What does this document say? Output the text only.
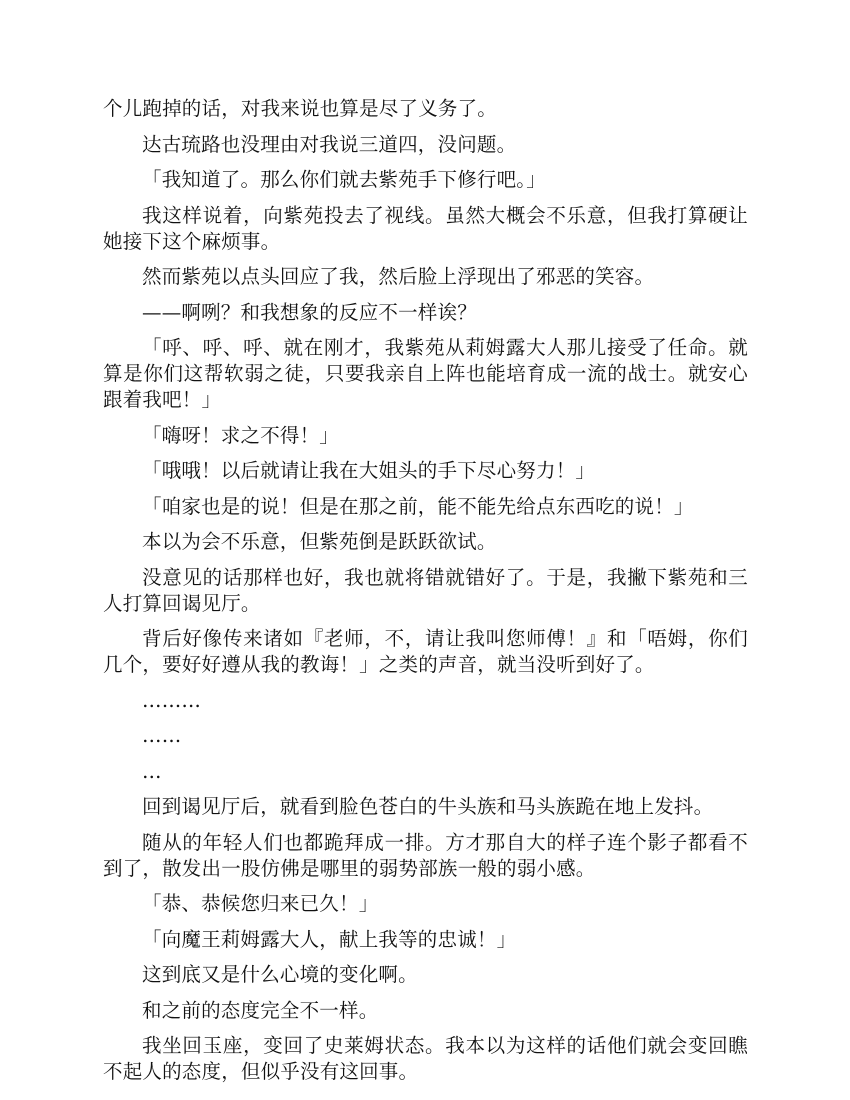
个儿跑掉的话，对我来说也算是尽了义务了。

达古琉路也没理由对我说三道四，没问题。

「我知道了。那么你们就去紫苑手下修行吧。」

我这样说着，向紫苑投去了视线。虽然大概会不乐意，但我打算硬让她接下这个麻烦事。

然而紫苑以点头回应了我，然后脸上浮现出了邪恶的笑容。

——啊咧？和我想象的反应不一样诶？

「呼、呼、呼、就在刚才，我紫苑从莉姆露大人那儿接受了任命。就算是你们这帮软弱之徒，只要我亲自上阵也能培育成一流的战士。就安心跟着我吧！」

「嗨呀！求之不得！」

「哦哦！以后就请让我在大姐头的手下尽心努力！」

「咱家也是的说！但是在那之前，能不能先给点东西吃的说！」

本以为会不乐意，但紫苑倒是跃跃欲试。

没意见的话那样也好，我也就将错就错好了。于是，我撇下紫苑和三人打算回谒见厅。

背后好像传来诸如『老师，不，请让我叫您师傅！』和「唔姆，你们几个，要好好遵从我的教诲！」之类的声音，就当没听到好了。

………

……

…

回到谒见厅后，就看到脸色苍白的牛头族和马头族跪在地上发抖。

随从的年轻人们也都跪拜成一排。方才那自大的样子连个影子都看不到了，散发出一股仿佛是哪里的弱势部族一般的弱小感。

「恭、恭候您归来已久！」

「向魔王莉姆露大人，献上我等的忠诚！」

这到底又是什么心境的变化啊。

和之前的态度完全不一样。

我坐回玉座，变回了史莱姆状态。我本以为这样的话他们就会变回瞧不起人的态度，但似乎没有这回事。
